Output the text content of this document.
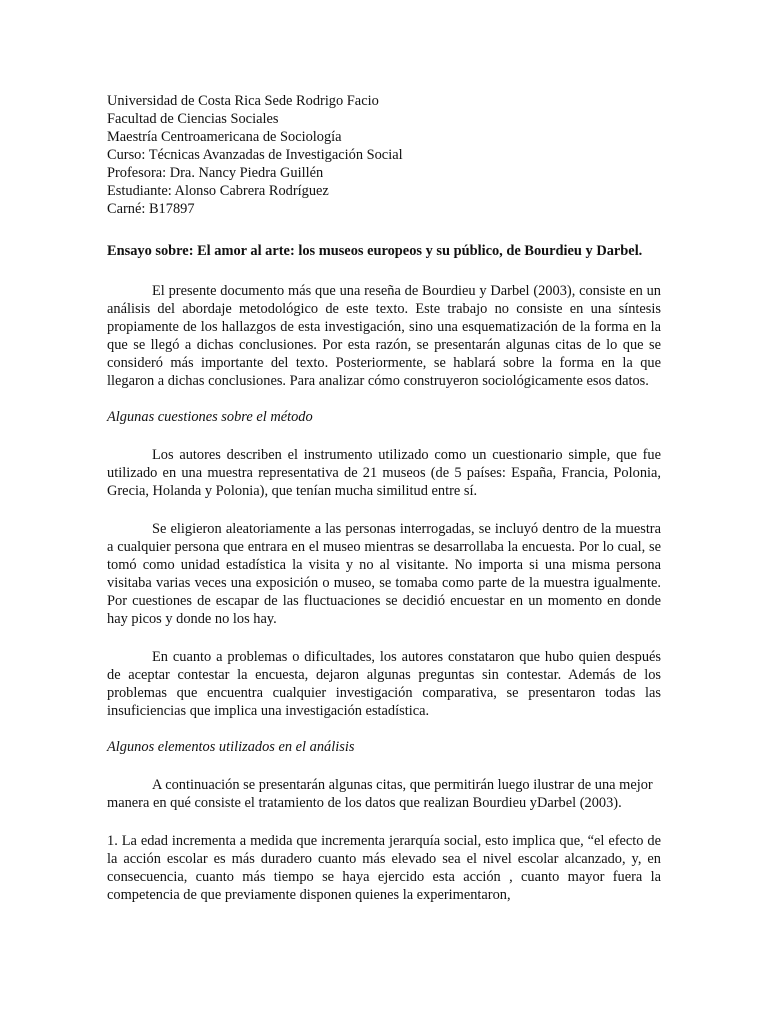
Universidad de Costa Rica Sede Rodrigo Facio

Facultad de Ciencias Sociales

Maestría Centroamericana de Sociología

Curso: Técnicas Avanzadas de Investigación Social

Profesora: Dra. Nancy Piedra Guillén

Estudiante: Alonso Cabrera Rodríguez

Carné: B17897

Ensayo sobre: El amor al arte: los museos europeos y su público, de Bourdieu y Darbel.

El presente documento más que una reseña de Bourdieu y Darbel (2003), consiste en un análisis del abordaje metodológico de este texto. Este trabajo no consiste en una síntesis propiamente de los hallazgos de esta investigación, sino una esquematización de la forma en la que se llegó a dichas conclusiones. Por esta razón, se presentarán algunas citas de lo que se consideró más importante del texto. Posteriormente, se hablará sobre la forma en la que llegaron a dichas conclusiones. Para analizar cómo construyeron sociológicamente esos datos.

Algunas cuestiones sobre el método

Los autores describen el instrumento utilizado como un cuestionario simple, que fue utilizado en una muestra representativa de 21 museos (de 5 países: España, Francia, Polonia, Grecia, Holanda y Polonia), que tenían mucha similitud entre sí.

Se eligieron aleatoriamente a las personas interrogadas, se incluyó dentro de la muestra a cualquier persona que entrara en el museo mientras se desarrollaba la encuesta. Por lo cual, se tomó como unidad estadística la visita y no al visitante. No importa si una misma persona visitaba varias veces una exposición o museo, se tomaba como parte de la muestra igualmente. Por cuestiones de escapar de las fluctuaciones se decidió encuestar en un momento en donde hay picos y donde no los hay.

En cuanto a problemas o dificultades, los autores constataron que hubo quien después de aceptar contestar la encuesta, dejaron algunas preguntas sin contestar. Además de los problemas que encuentra cualquier investigación comparativa, se presentaron todas las insuficiencias que implica una investigación estadística.

Algunos elementos utilizados en el análisis

A continuación se presentarán algunas citas, que permitirán luego ilustrar de una mejor manera en qué consiste el tratamiento de los datos que realizan Bourdieu yDarbel (2003).

1. La edad incrementa a medida que incrementa jerarquía social, esto implica que, “el efecto de la acción escolar es más duradero cuanto más elevado sea el nivel escolar alcanzado, y, en consecuencia, cuanto más tiempo se haya ejercido esta acción , cuanto mayor fuera la competencia de que previamente disponen quienes la experimentaron,
